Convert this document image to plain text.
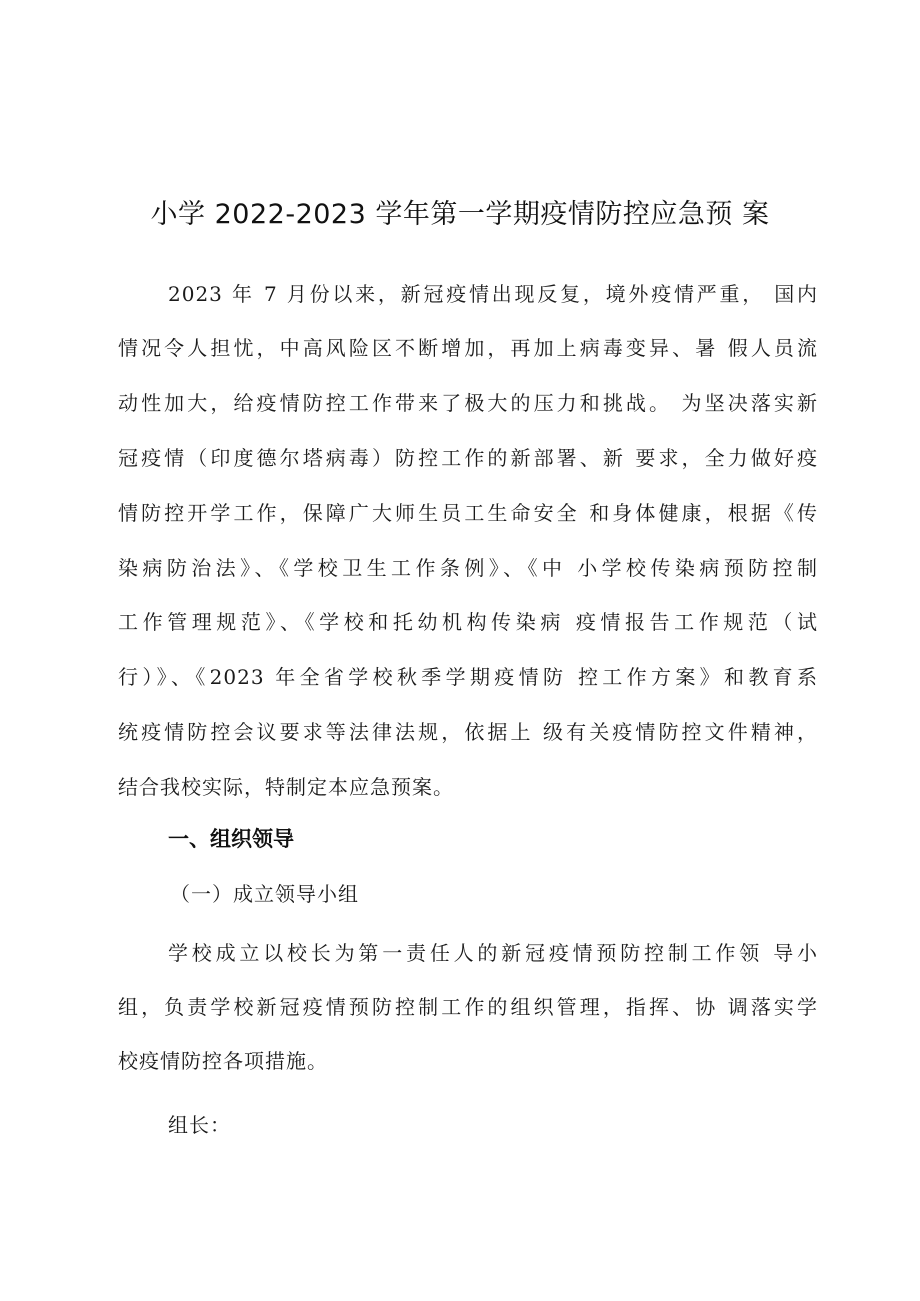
小学 2022-2023 学年第一学期疫情防控应急预 案
2023 年 7 月份以来，新冠疫情出现反复，境外疫情严重， 国内
情况令人担忧，中高风险区不断增加，再加上病毒变异、暑 假人员流
动性加大，给疫情防控工作带来了极大的压力和挑战。 为坚决落实新
冠疫情（印度德尔塔病毒）防控工作的新部署、新 要求，全力做好疫
情防控开学工作，保障广大师生员工生命安全 和身体健康，根据《传
染病防治法》、《学校卫生工作条例》、《中 小学校传染病预防控制
工作管理规范》、《学校和托幼机构传染病 疫情报告工作规范（试
行）》、《2023 年全省学校秋季学期疫情防 控工作方案》和教育系
统疫情防控会议要求等法律法规，依据上 级有关疫情防控文件精神，
结合我校实际，特制定本应急预案。
一、组织领导
（一）成立领导小组
学校成立以校长为第一责任人的新冠疫情预防控制工作领 导小
组，负责学校新冠疫情预防控制工作的组织管理，指挥、协 调落实学
校疫情防控各项措施。
组长：
